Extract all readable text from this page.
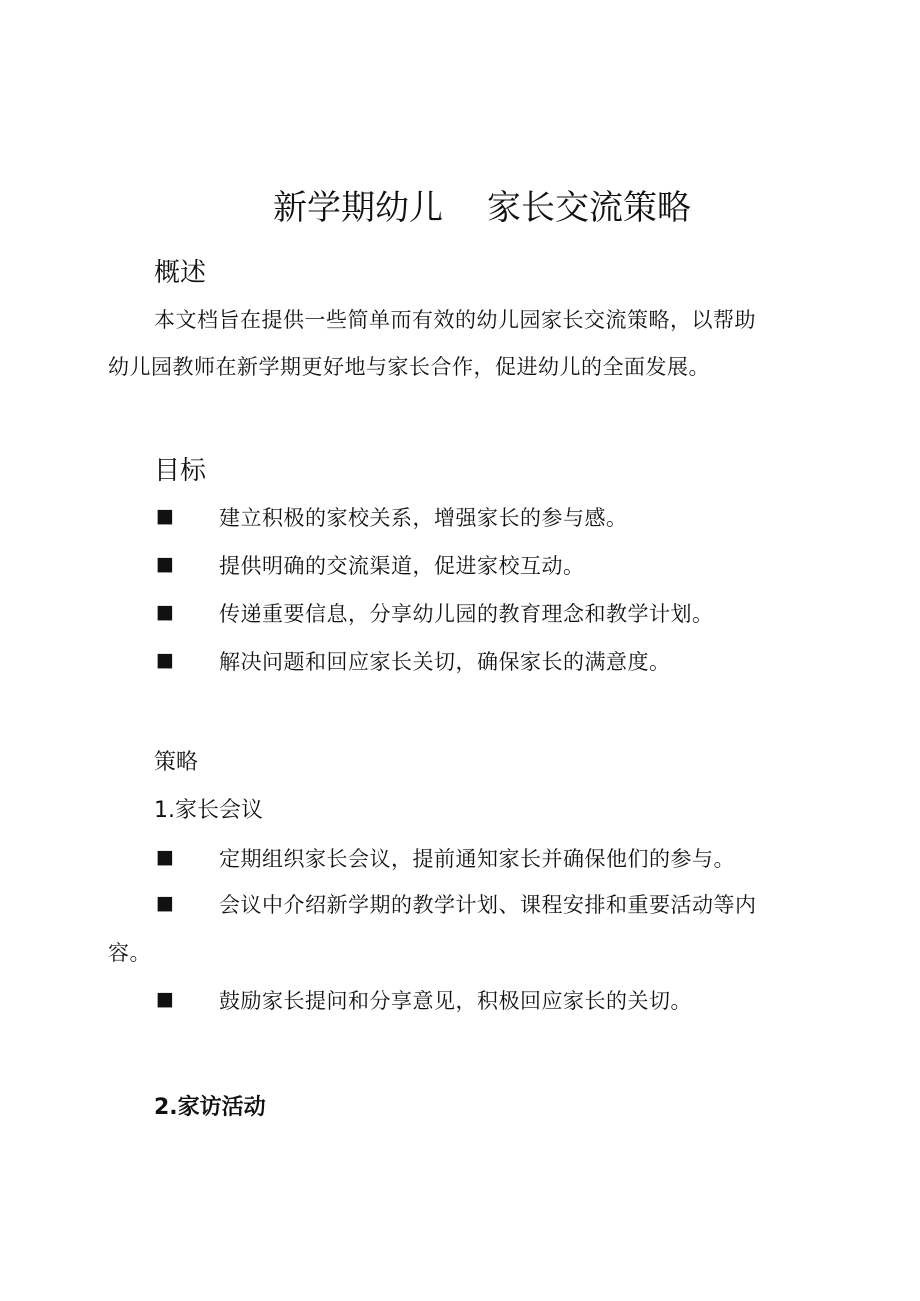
新学期幼儿 家长交流策略
概述
本文档旨在提供一些简单而有效的幼儿园家长交流策略，以帮助
幼儿园教师在新学期更好地与家长合作，促进幼儿的全面发展。
目标
■ 建立积极的家校关系，增强家长的参与感。
■ 提供明确的交流渠道，促进家校互动。
■ 传递重要信息，分享幼儿园的教育理念和教学计划。
■ 解决问题和回应家长关切，确保家长的满意度。
策略
1.家长会议
■ 定期组织家长会议，提前通知家长并确保他们的参与。
■ 会议中介绍新学期的教学计划、课程安排和重要活动等内
容。
■ 鼓励家长提问和分享意见，积极回应家长的关切。
2.家访活动
